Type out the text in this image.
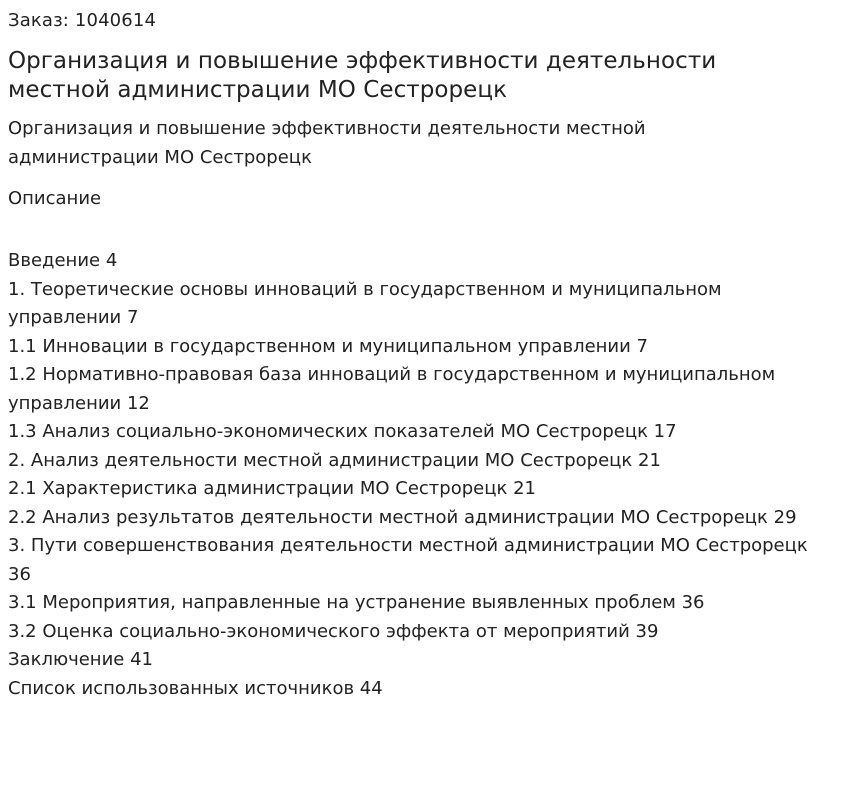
Заказ: 1040614
Организация и повышение эффективности деятельности местной администрации МО Сестрорецк

Организация и повышение эффективности деятельности местной администрации МО Сестрорецк

Описание
Введение 4
1. Теоретические основы инноваций в государственном и муниципальном управлении 7
1.1 Инновации в государственном и муниципальном управлении 7
1.2 Нормативно-правовая база инноваций в государственном и муниципальном управлении 12
1.3 Анализ социально-экономических показателей МО Сестрорецк 17
2. Анализ деятельности местной администрации МО Сестрорецк 21
2.1 Характеристика администрации МО Сестрорецк 21
2.2 Анализ результатов деятельности местной администрации МО Сестрорецк 29
3. Пути совершенствования деятельности местной администрации МО Сестрорецк 36
3.1 Мероприятия, направленные на устранение выявленных проблем 36
3.2 Оценка социально-экономического эффекта от мероприятий 39
Заключение 41
Список использованных источников 44
